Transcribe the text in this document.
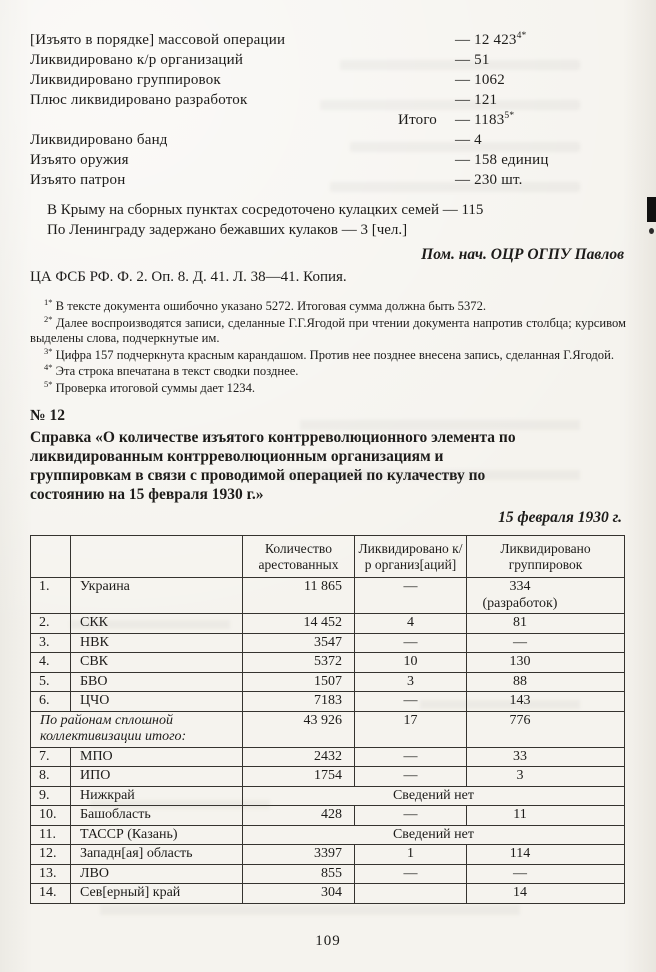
[Изъято в порядке] массовой операции	— 12 $423^{4*}$
Ликвидировано к/р организаций	— 51
Ликвидировано группировок	— 1062
Плюс ликвидировано разработок	— 121
Итого	— $1183^{5*}$
Ликвидировано банд	— 4
Изъято оружия	— 158 единиц
Изъято патрон	— 230 шт.

В Крыму на сборных пунктах сосредоточено кулацких семей — 115

По Ленинграду задержано бежавших кулаков — 3 [чел.]

Пом. нач. ОЦР ОГПУ Павлов

ЦА ФСБ РФ. Ф. 2. Оп. 8. Д. 41. Л. 38—41. Копия.

$^{1*}$ В тексте документа ошибочно указано 5272. Итоговая сумма должна быть 5372.

$^{2*}$ Далее воспроизводятся записи, сделанные Г.Г.Ягодой при чтении документа напротив столбца; курсивом выделены слова, подчеркнутые им.

$^{3*}$ Цифра 157 подчеркнута красным карандашом. Против нее позднее внесена запись, сделанная Г.Ягодой.

$^{4*}$ Эта строка впечатана в текст сводки позднее.

$^{5*}$ Проверка итоговой суммы дает 1234.

№ 12

Справка «О количестве изъятого контрреволюционного элемента по ликвидированным контрреволюционным организациям и группировкам в связи с проводимой операцией по кулачеству по состоянию на 15 февраля 1930 г.»

15 февраля 1930 г.

		Количество арестованных	Ликвидировано к/р организ[аций]	Ликвидировано группировок
1.	Украина	11 865	—	334
(разработок)

2.	СКК	14 452	4	81
3.	НВК	3547	—	—
4.	СВК	5372	10	130
5.	БВО	1507	3	88
6.	ЦЧО	7183	—	143
По районам сплошной коллективизации итого:		43 926	17	776
7.	МПО	2432	—	33
8.	ИПО	1754	—	3
9.	Нижкрай	Сведений нет		
10.	Башобласть	428	—	11
11.	ТАССР (Казань)	Сведений нет		
12.	Западн[ая] область	3397	1	114
13.	ЛВО	855	—	—
14.	Сев[ерный] край	304		14
109
